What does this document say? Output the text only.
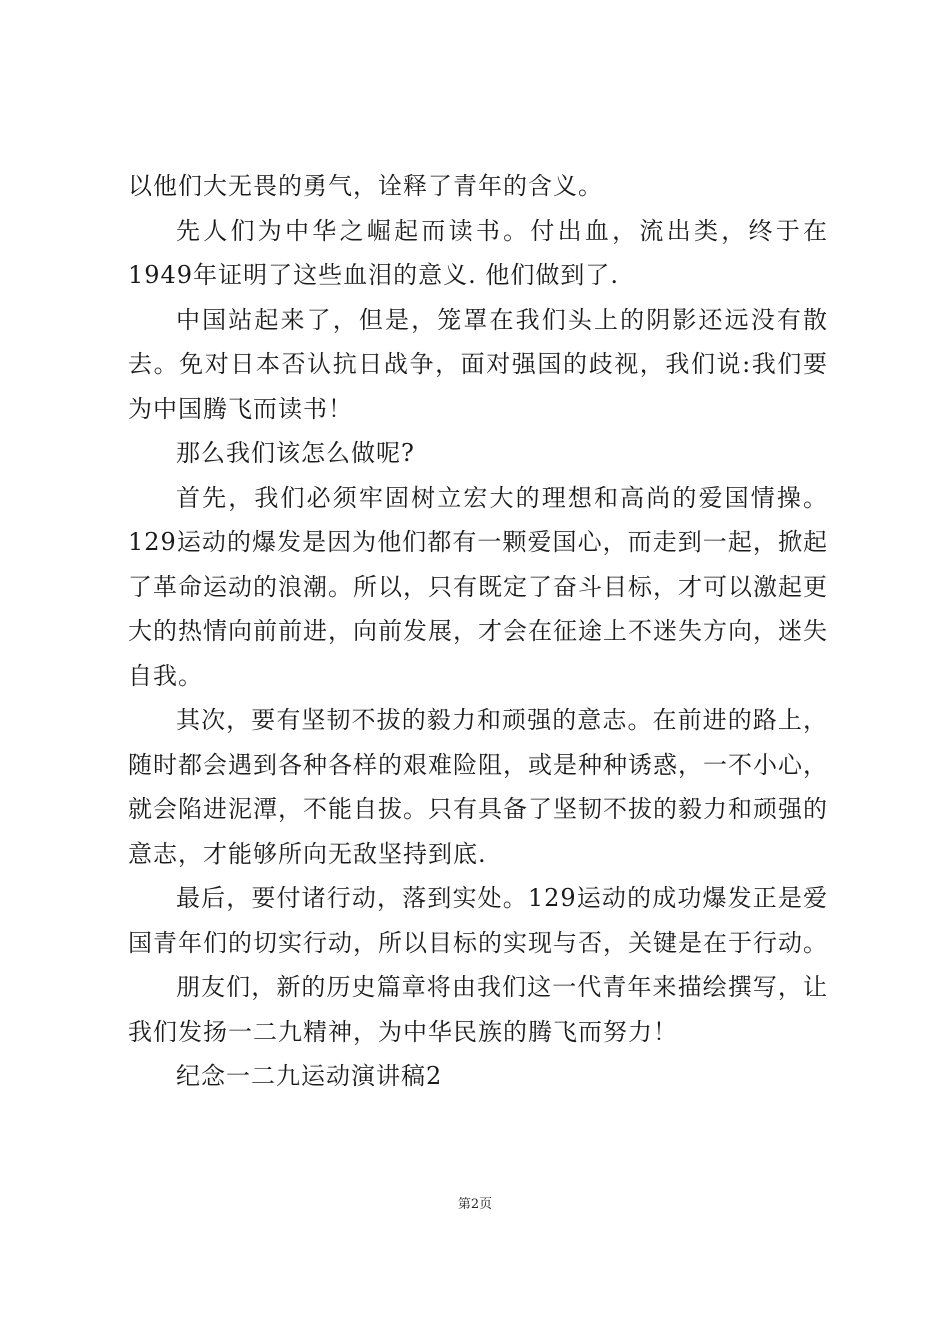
以他们大无畏的勇气，诠释了青年的含义。

先人们为中华之崛起而读书。付出血，流出类，终于在1949年证明了这些血泪的意义. 他们做到了.

中国站起来了，但是，笼罩在我们头上的阴影还远没有散去。免对日本否认抗日战争，面对强国的歧视，我们说:我们要为中国腾飞而读书！

那么我们该怎么做呢?

首先，我们必须牢固树立宏大的理想和高尚的爱国情操。129运动的爆发是因为他们都有一颗爱国心，而走到一起，掀起了革命运动的浪潮。所以，只有既定了奋斗目标，才可以激起更大的热情向前前进，向前发展，才会在征途上不迷失方向，迷失自我。

其次，要有坚韧不拔的毅力和顽强的意志。在前进的路上，随时都会遇到各种各样的艰难险阻，或是种种诱惑，一不小心，就会陷进泥潭，不能自拔。只有具备了坚韧不拔的毅力和顽强的意志，才能够所向无敌坚持到底.

最后，要付诸行动，落到实处。129运动的成功爆发正是爱国青年们的切实行动，所以目标的实现与否，关键是在于行动。

朋友们，新的历史篇章将由我们这一代青年来描绘撰写，让我们发扬一二九精神，为中华民族的腾飞而努力！

纪念一二九运动演讲稿2

第2页
